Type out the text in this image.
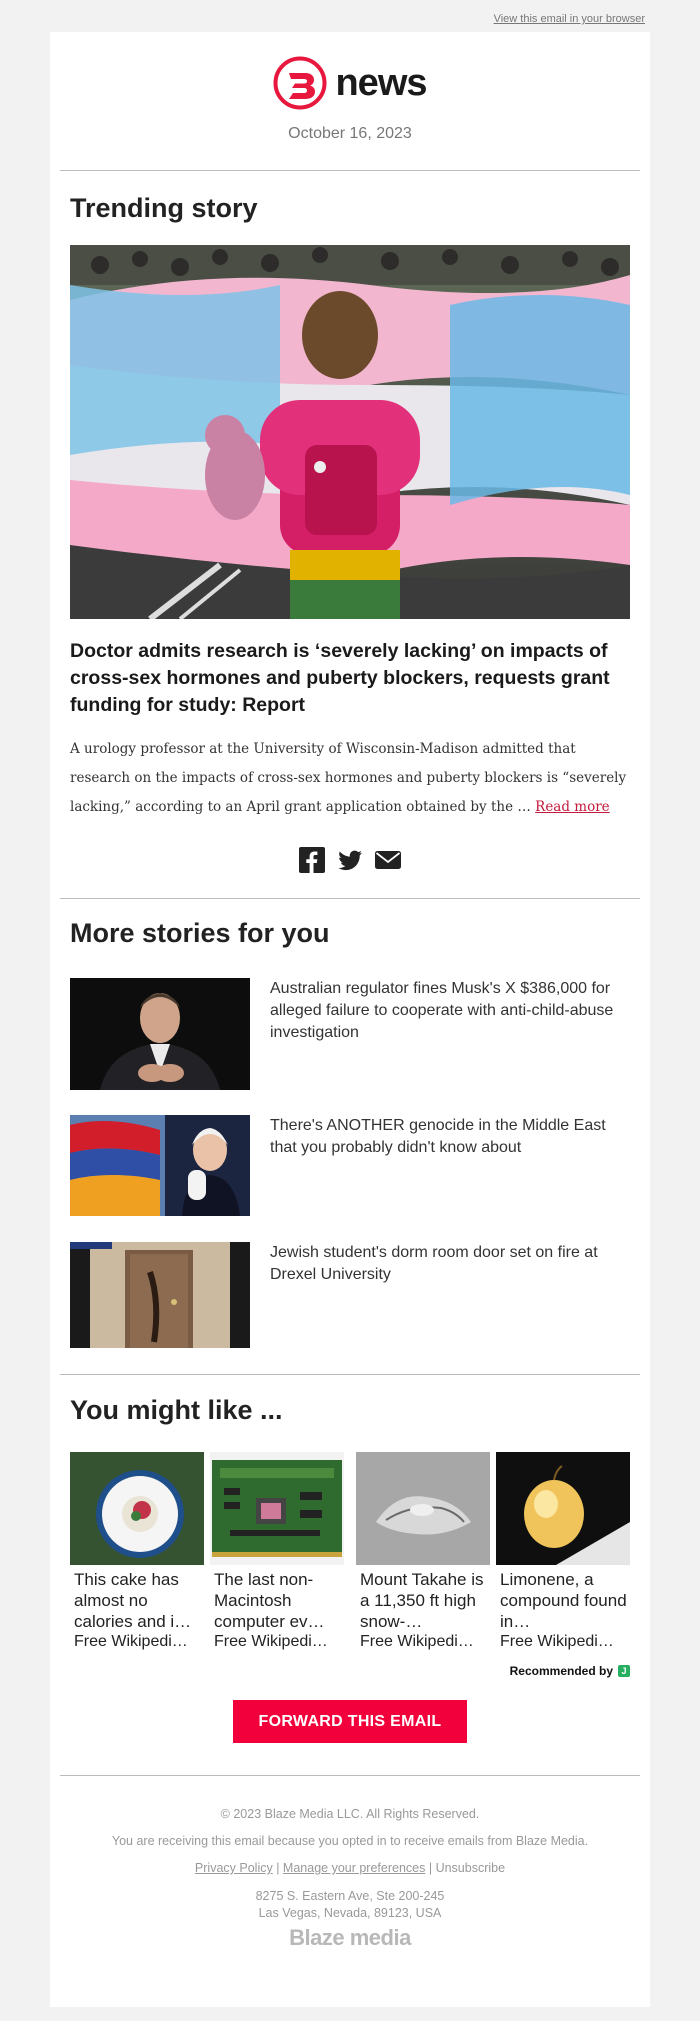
View this email in your browser
news
October 16, 2023
Trending story
Doctor admits research is ‘severely lacking’ on impacts of cross-sex hormones and puberty blockers, requests grant funding for study: Report

A urology professor at the University of Wisconsin-Madison admitted that research on the impacts of cross-sex hormones and puberty blockers is “severely lacking,” according to an April grant application obtained by the … Read more

More stories for you
Australian regulator fines Musk's X $386,000 for alleged failure to cooperate with anti-child-abuse investigation
There's ANOTHER genocide in the Middle East that you probably didn't know about
Jewish student's dorm room door set on fire at Drexel University
You might like ...
This cake has almost no calories and i…
Free Wikipedi…
The last non-Macintosh computer ev…
Free Wikipedi…
Mount Takahe is a 11,350 ft high snow-…
Free Wikipedi…
Limonene, a compound found in…
Free Wikipedi…
Recommended by J
FORWARD THIS EMAIL
© 2023 Blaze Media LLC. All Rights Reserved.
You are receiving this email because you opted in to receive emails from Blaze Media.
Privacy Policy | Manage your preferences | Unsubscribe
8275 S. Eastern Ave, Ste 200-245
Las Vegas, Nevada, 89123, USA
Blaze media
